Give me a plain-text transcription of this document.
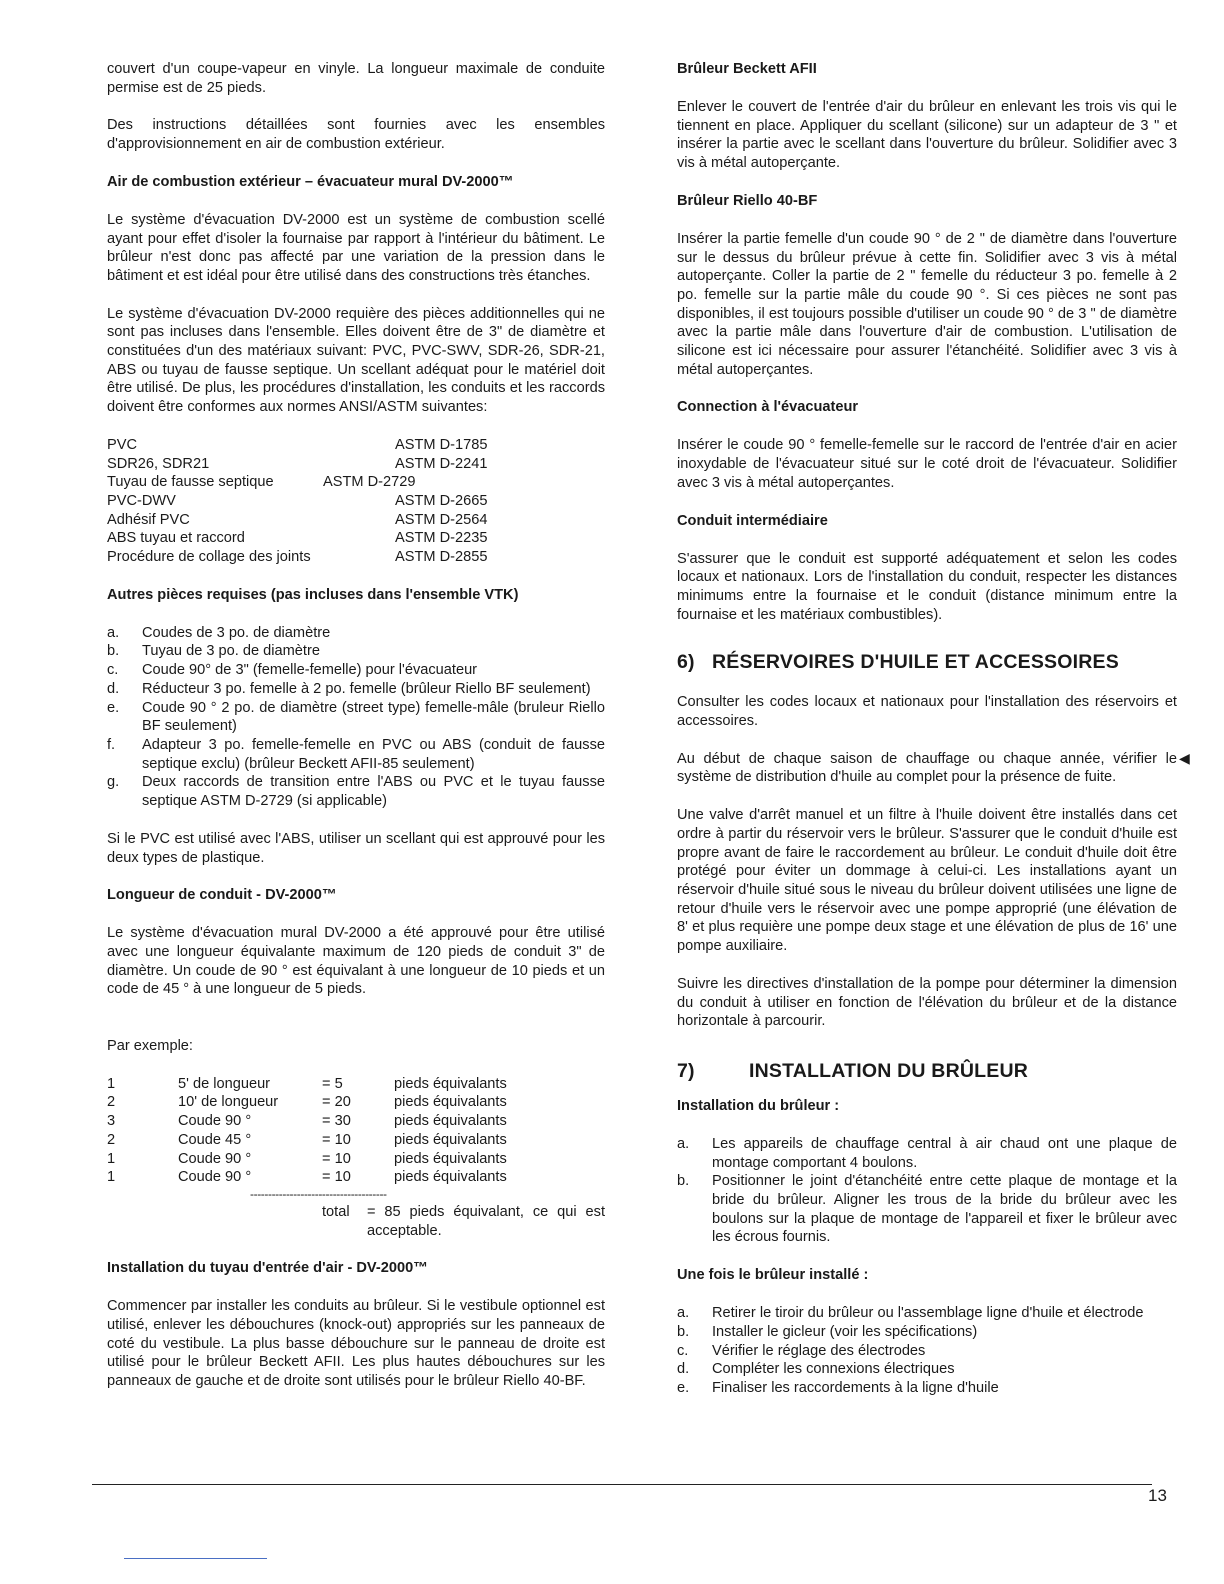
couvert d'un coupe-vapeur en vinyle. La longueur maximale de conduite permise est de 25 pieds.

Des instructions détaillées sont fournies avec les ensembles d'approvisionnement en air de combustion extérieur.

Air de combustion extérieur – évacuateur mural DV-2000™

Le système d'évacuation DV-2000 est un système de combustion scellé ayant pour effet d'isoler la fournaise par rapport à l'intérieur du bâtiment. Le brûleur n'est donc pas affecté par une variation de la pression dans le bâtiment et est idéal pour être utilisé dans des constructions très étanches.

Le système d'évacuation DV-2000 requière des pièces additionnelles qui ne sont pas incluses dans l'ensemble. Elles doivent être de 3" de diamètre et constituées d'un des matériaux suivant: PVC, PVC-SWV, SDR-26, SDR-21, ABS ou tuyau de fausse septique. Un scellant adéquat pour le matériel doit être utilisé. De plus, les procédures d'installation, les conduits et les raccords doivent être conformes aux normes ANSI/ASTM suivantes:

PVC	ASTM D-1785
SDR26, SDR21	ASTM D-2241
Tuyau de fausse septique ASTM D-2729	
PVC-DWV	ASTM D-2665
Adhésif PVC	ASTM D-2564
ABS tuyau et raccord	ASTM D-2235
Procédure de collage des joints	ASTM D-2855
Autres pièces requises (pas incluses dans l'ensemble VTK)
a.	Coudes de 3 po. de diamètre
b.	Tuyau de 3 po. de diamètre
c.	Coude 90° de 3" (femelle-femelle) pour l'évacuateur
d.	Réducteur 3 po. femelle à 2 po. femelle (brûleur Riello BF seulement)
e.	Coude 90 ° 2 po. de diamètre (street type) femelle-mâle (bruleur Riello BF seulement)
f.	Adapteur 3 po. femelle-femelle en PVC ou ABS (conduit de fausse septique exclu) (brûleur Beckett AFII-85 seulement)
g.	Deux raccords de transition entre l'ABS ou PVC et le tuyau fausse septique ASTM D-2729 (si applicable)

Si le PVC est utilisé avec l'ABS, utiliser un scellant qui est approuvé pour les deux types de plastique.

Longueur de conduit - DV-2000™

Le système d'évacuation mural DV-2000 a été approuvé pour être utilisé avec une longueur équivalante maximum de 120 pieds de conduit 3" de diamètre. Un coude de 90 ° est équivalant à une longueur de 10 pieds et un code de 45 ° à une longueur de 5 pieds.

Par exemple:

1	5' de longueur	= 5	pieds équivalants
2	10' de longueur	= 20	pieds équivalants
3	Coude 90 °	= 30	pieds équivalants
2	Coude 45 °	= 10	pieds équivalants
1	Coude 90 °	= 10	pieds équivalants
1	Coude 90 °	= 10	pieds équivalants
--------------------------------------
total	= 85 pieds équivalant, ce qui est acceptable.
Installation du tuyau d'entrée d'air - DV-2000™

Commencer par installer les conduits au brûleur. Si le vestibule optionnel est utilisé, enlever les débouchures (knock-out) appropriés sur les panneaux de coté du vestibule. La plus basse débouchure sur le panneau de droite est utilisé pour le brûleur Beckett AFII. Les plus hautes débouchures sur les panneaux de gauche et de droite sont utilisés pour le brûleur Riello 40-BF.

Brûleur Beckett AFII

Enlever le couvert de l'entrée d'air du brûleur en enlevant les trois vis qui le tiennent en place. Appliquer du scellant (silicone) sur un adapteur de 3 " et insérer la partie avec le scellant dans l'ouverture du brûleur. Solidifier avec 3 vis à métal autoperçante.

Brûleur Riello 40-BF

Insérer la partie femelle d'un coude 90 ° de 2 " de diamètre dans l'ouverture sur le dessus du brûleur prévue à cette fin. Solidifier avec 3 vis à métal autoperçante. Coller la partie de 2 " femelle du réducteur 3 po. femelle à 2 po. femelle sur la partie mâle du coude 90 °. Si ces pièces ne sont pas disponibles, il est toujours possible d'utiliser un coude 90 ° de 3 " de diamètre avec la partie mâle dans l'ouverture d'air de combustion. L'utilisation de silicone est ici nécessaire pour assurer l'étanchéité. Solidifier avec 3 vis à métal autoperçantes.

Connection à l'évacuateur

Insérer le coude 90 ° femelle-femelle sur le raccord de l'entrée d'air en acier inoxydable de l'évacuateur situé sur le coté droit de l'évacuateur. Solidifier avec 3 vis à métal autoperçantes.

Conduit intermédiaire

S'assurer que le conduit est supporté adéquatement et selon les codes locaux et nationaux. Lors de l'installation du conduit, respecter les distances minimums entre la fournaise et le conduit (distance minimum entre la fournaise et les matériaux combustibles).

6) RÉSERVOIRES D'HUILE ET ACCESSOIRES

Consulter les codes locaux et nationaux pour l'installation des réservoirs et accessoires.

Au début de chaque saison de chauffage ou chaque année, vérifier le système de distribution d'huile au complet pour la présence de fuite.
◀

Une valve d'arrêt manuel et un filtre à l'huile doivent être installés dans cet ordre à partir du réservoir vers le brûleur. S'assurer que le conduit d'huile est propre avant de faire le raccordement au brûleur. Le conduit d'huile doit être protégé pour éviter un dommage à celui-ci. Les installations ayant un réservoir d'huile situé sous le niveau du brûleur doivent utilisées une ligne de retour d'huile vers le réservoir avec une pompe approprié (une élévation de 8' et plus requière une pompe deux stage et une élévation de plus de 16' une pompe auxiliaire.

Suivre les directives d'installation de la pompe pour déterminer la dimension du conduit à utiliser en fonction de l'élévation du brûleur et de la distance horizontale à parcourir.

7)	INSTALLATION DU BRÛLEUR
Installation du brûleur :
a.	Les appareils de chauffage central à air chaud ont une plaque de montage comportant 4 boulons.
b.	Positionner le joint d'étanchéité entre cette plaque de montage et la bride du brûleur. Aligner les trous de la bride du brûleur avec les boulons sur la plaque de montage de l'appareil et fixer le brûleur avec les écrous fournis.
Une fois le brûleur installé :
a.	Retirer le tiroir du brûleur ou l'assemblage ligne d'huile et électrode
b.	Installer le gicleur (voir les spécifications)
c.	Vérifier le réglage des électrodes
d.	Compléter les connexions électriques
e.	Finaliser les raccordements à la ligne d'huile
13
